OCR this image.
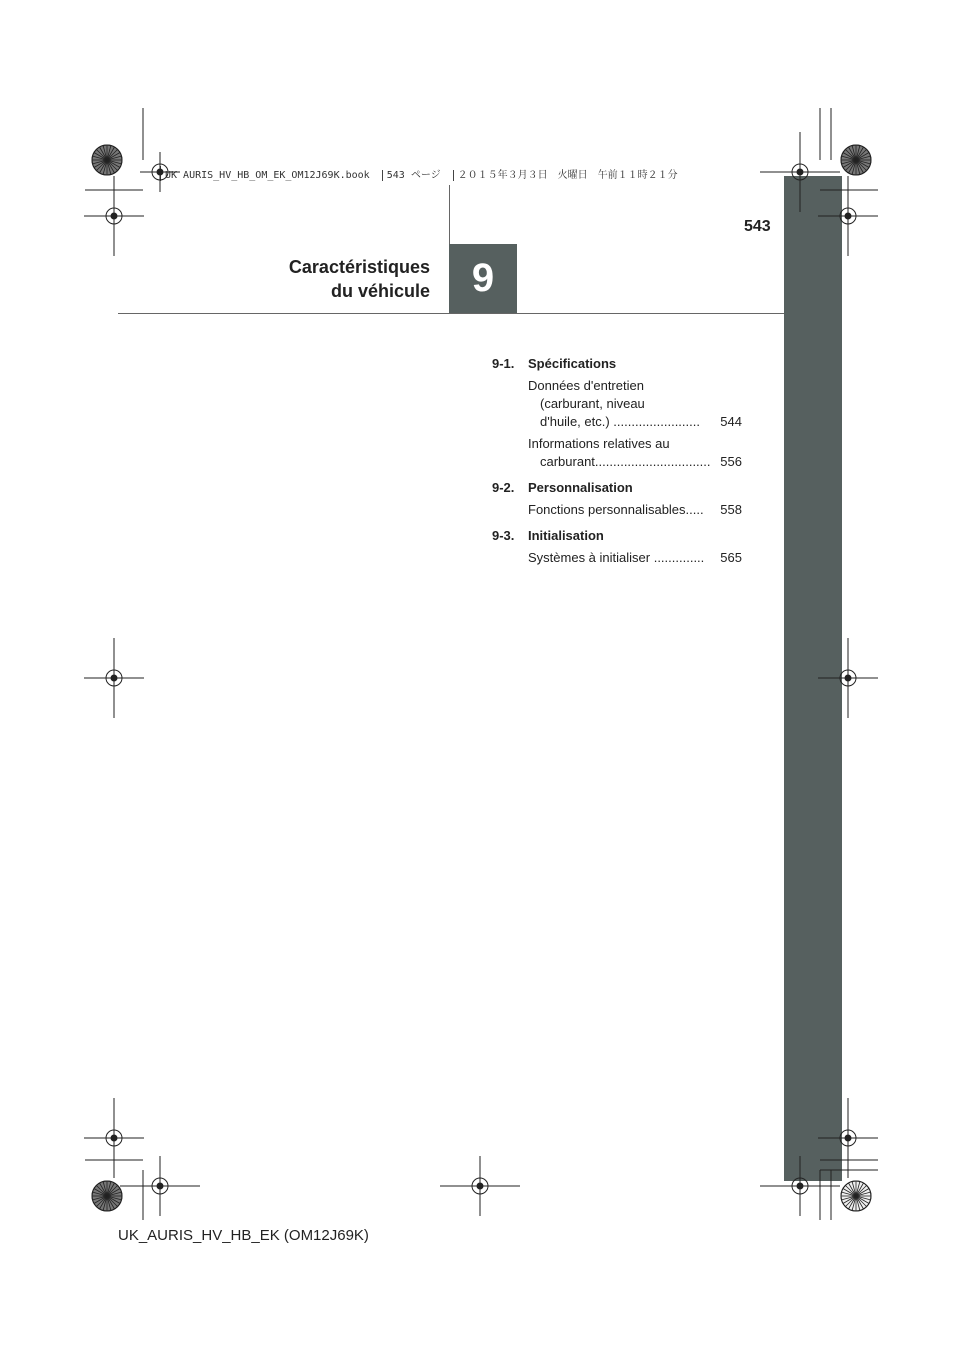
UK AURIS_HV_HB_OM_EK_OM12J69K.book 543 ページ ２０１５年３月３日　火曜日　午前１１時２１分
543
9
Caractéristiques
du véhicule
9-1.	Spécifications
Données d'entretien
(carburant, niveau
d'huile, etc.) ........................	544
Informations relatives au
carburant................................ 556
9-2.	Personnalisation
Fonctions personnalisables.....	558
9-3.	Initialisation
Systèmes à initialiser ..............	565
UK_AURIS_HV_HB_EK (OM12J69K)
